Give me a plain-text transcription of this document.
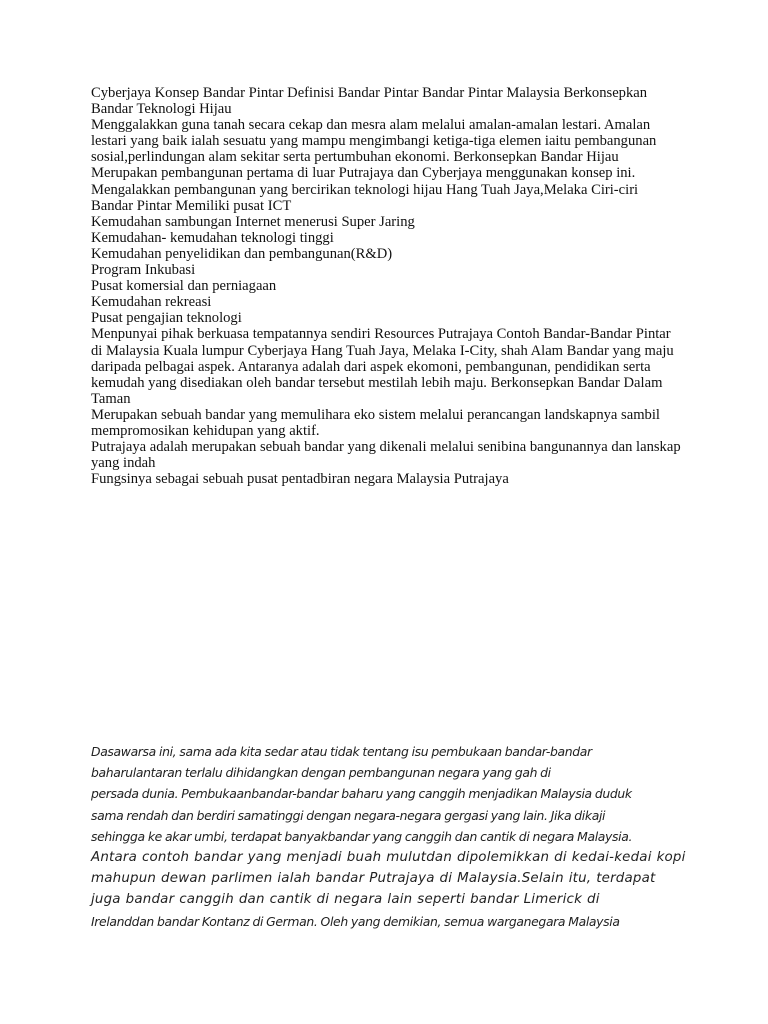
Cyberjaya Konsep Bandar Pintar Definisi Bandar Pintar Bandar Pintar Malaysia Berkonsepkan Bandar Teknologi Hijau

Menggalakkan guna tanah secara cekap dan mesra alam melalui amalan-amalan lestari. Amalan lestari yang baik ialah sesuatu yang mampu mengimbangi ketiga-tiga elemen iaitu pembangunan sosial,perlindungan alam sekitar serta pertumbuhan ekonomi. Berkonsepkan Bandar Hijau

Merupakan pembangunan pertama di luar Putrajaya dan Cyberjaya menggunakan konsep ini. Mengalakkan pembangunan yang bercirikan teknologi hijau Hang Tuah Jaya,Melaka Ciri-ciri Bandar Pintar Memiliki pusat ICT

Kemudahan sambungan Internet menerusi Super Jaring

Kemudahan- kemudahan teknologi tinggi

Kemudahan penyelidikan dan pembangunan(R&D)

Program Inkubasi

Pusat komersial dan perniagaan

Kemudahan rekreasi

Pusat pengajian teknologi

Menpunyai pihak berkuasa tempatannya sendiri Resources Putrajaya Contoh Bandar-Bandar Pintar di Malaysia Kuala lumpur Cyberjaya Hang Tuah Jaya, Melaka I-City, shah Alam Bandar yang maju daripada pelbagai aspek. Antaranya adalah dari aspek ekomoni, pembangunan, pendidikan serta kemudah yang disediakan oleh bandar tersebut mestilah lebih maju. Berkonsepkan Bandar Dalam Taman

Merupakan sebuah bandar yang memulihara eko sistem melalui perancangan landskapnya sambil mempromosikan kehidupan yang aktif.

Putrajaya adalah merupakan sebuah bandar yang dikenali melalui senibina bangunannya dan lanskap yang indah

Fungsinya sebagai sebuah pusat pentadbiran negara Malaysia Putrajaya

Dasawarsa ini, sama ada kita sedar atau tidak tentang isu pembukaan bandar-bandar
baharulantaran terlalu dihidangkan dengan pembangunan negara yang gah di
persada dunia. Pembukaanbandar-bandar baharu yang canggih menjadikan Malaysia duduk
sama rendah dan berdiri samatinggi dengan negara-negara gergasi yang lain. Jika dikaji
sehingga ke akar umbi, terdapat banyakbandar yang canggih dan cantik di negara Malaysia.
Antara contoh bandar yang menjadi buah mulutdan dipolemikkan di kedai-kedai kopi
mahupun dewan parlimen ialah bandar Putrajaya di Malaysia.Selain itu, terdapat
juga bandar canggih dan cantik di negara lain seperti bandar Limerick di
Irelanddan bandar Kontanz di German. Oleh yang demikian, semua warganegara Malaysia
